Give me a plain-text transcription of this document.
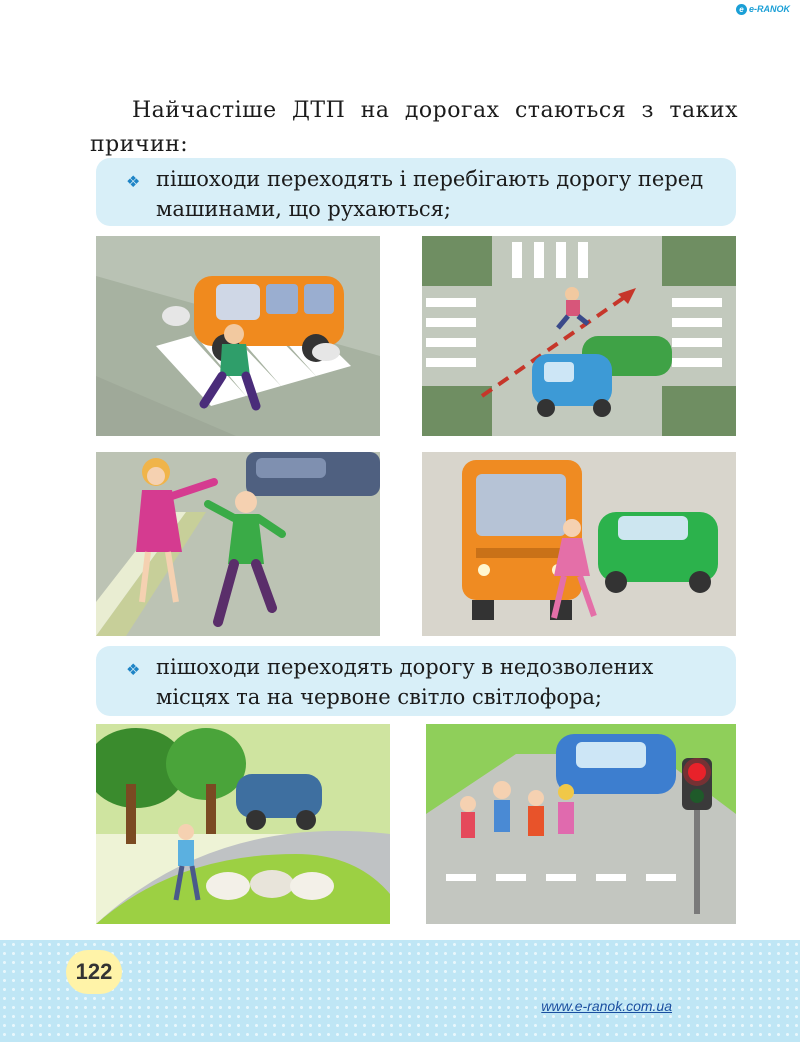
e e-RANOK

Найчастіше ДТП на дорогах стаються з таких причин:

❖ пішоходи переходять і перебігають дорогу перед машинами, що рухаються;
❖ пішоходи переходять дорогу в недозволених місцях та на червоне світло світлофора;
122
www.e-ranok.com.ua
